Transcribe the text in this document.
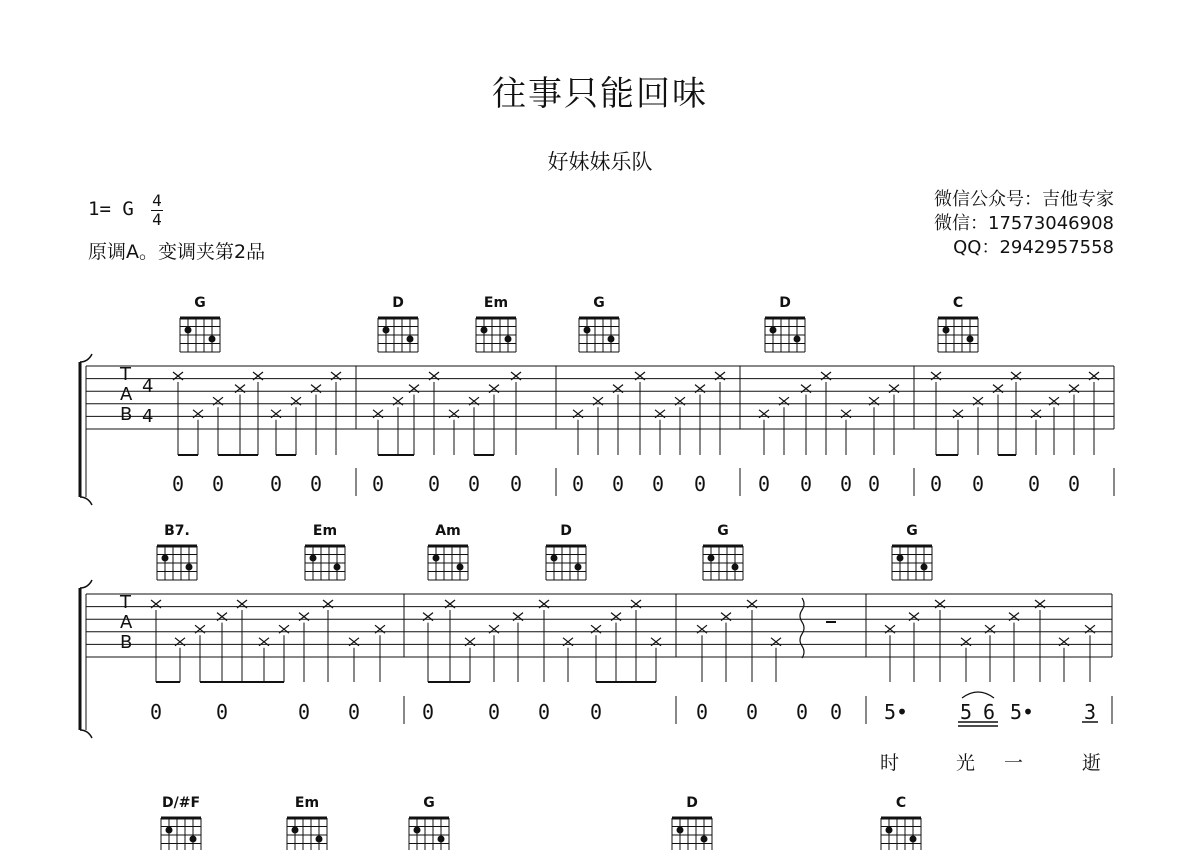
往事只能回味
好妹妹乐队
1= G 4
4
原调A。变调夹第2品
微信公众号：吉他专家
微信：17573046908
QQ：2942957558
G	D	Em	G	D	C
B7.	Em	Am	D	G	G
D/#F	Em	G	D	C
T
A
B
4
4
T
A
B
0 0 0 0 0 0 0 0 0 0 0 0	0 0 0 0 0 0 0 0
0	0	0 0	0	0 0 0	0 0 0 0 5•	5 6 5• 3
时	光 一	逝
